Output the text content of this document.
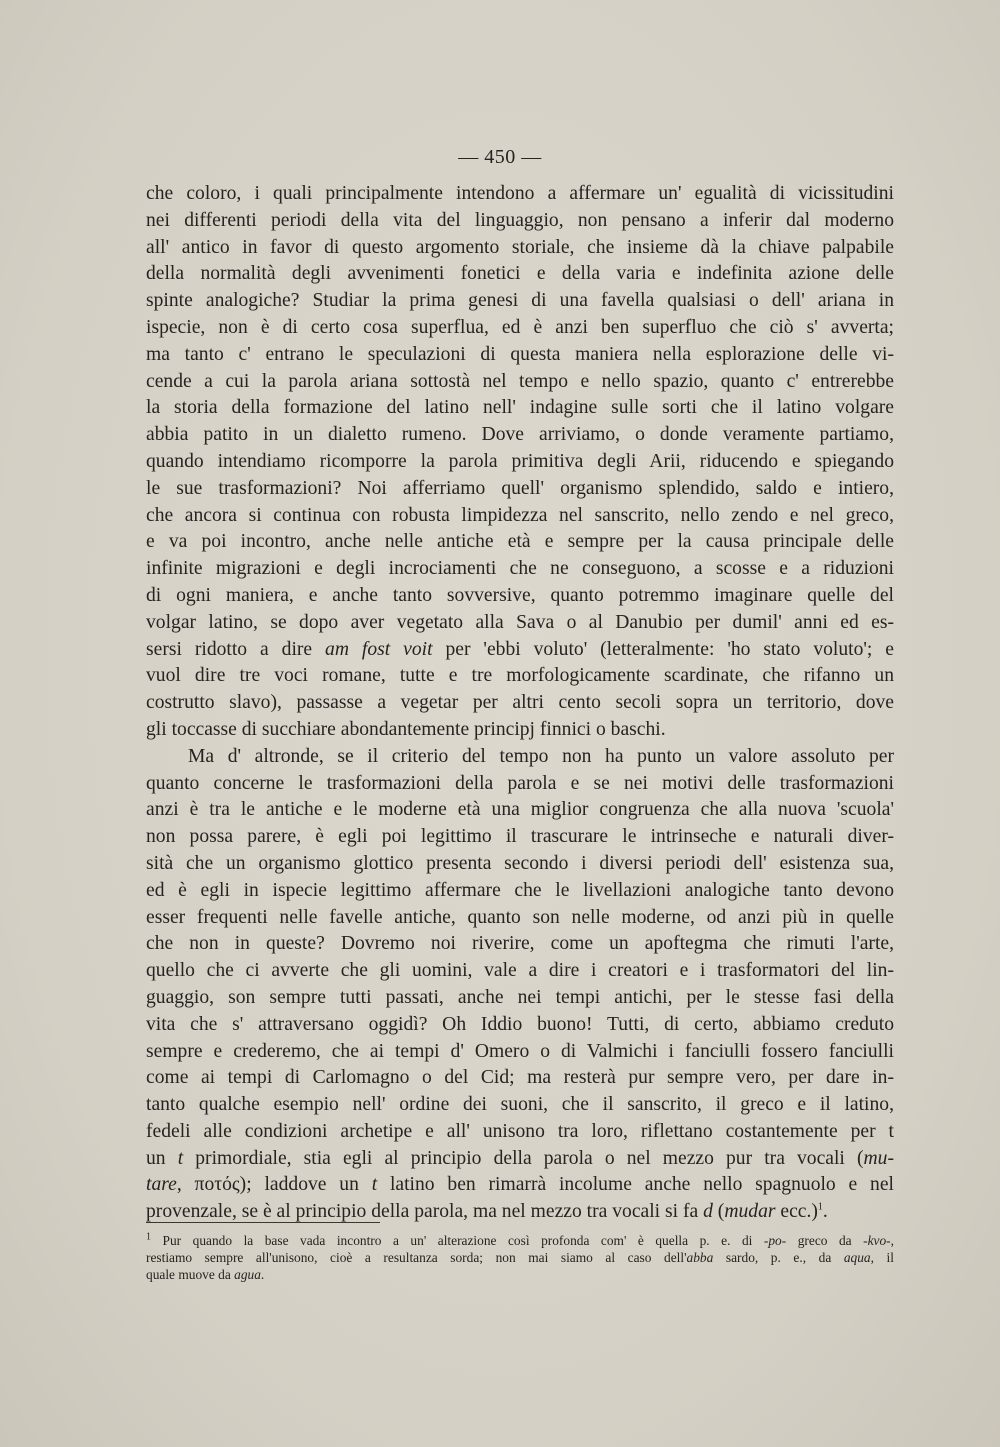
— 450 —

che coloro, i quali principalmente intendono a affermare un' egualità di vicissitudini

nei differenti periodi della vita del linguaggio, non pensano a inferir dal moderno

all' antico in favor di questo argomento storiale, che insieme dà la chiave palpabile

della normalità degli avvenimenti fonetici e della varia e indefinita azione delle

spinte analogiche? Studiar la prima genesi di una favella qualsiasi o dell' ariana in

ispecie, non è di certo cosa superflua, ed è anzi ben superfluo che ciò s' avverta;

ma tanto c' entrano le speculazioni di questa maniera nella esplorazione delle vi-

cende a cui la parola ariana sottostà nel tempo e nello spazio, quanto c' entrerebbe

la storia della formazione del latino nell' indagine sulle sorti che il latino volgare

abbia patito in un dialetto rumeno. Dove arriviamo, o donde veramente partiamo,

quando intendiamo ricomporre la parola primitiva degli Arii, riducendo e spiegando

le sue trasformazioni? Noi afferriamo quell' organismo splendido, saldo e intiero,

che ancora si continua con robusta limpidezza nel sanscrito, nello zendo e nel greco,

e va poi incontro, anche nelle antiche età e sempre per la causa principale delle

infinite migrazioni e degli incrociamenti che ne conseguono, a scosse e a riduzioni

di ogni maniera, e anche tanto sovversive, quanto potremmo imaginare quelle del

volgar latino, se dopo aver vegetato alla Sava o al Danubio per dumil' anni ed es-

sersi ridotto a dire am fost voit per 'ebbi voluto' (letteralmente: 'ho stato voluto'; e

vuol dire tre voci romane, tutte e tre morfologicamente scardinate, che rifanno un

costrutto slavo), passasse a vegetar per altri cento secoli sopra un territorio, dove

gli toccasse di succhiare abondantemente principj finnici o baschi.

Ma d' altronde, se il criterio del tempo non ha punto un valore assoluto per

quanto concerne le trasformazioni della parola e se nei motivi delle trasformazioni

anzi è tra le antiche e le moderne età una miglior congruenza che alla nuova 'scuola'

non possa parere, è egli poi legittimo il trascurare le intrinseche e naturali diver-

sità che un organismo glottico presenta secondo i diversi periodi dell' esistenza sua,

ed è egli in ispecie legittimo affermare che le livellazioni analogiche tanto devono

esser frequenti nelle favelle antiche, quanto son nelle moderne, od anzi più in quelle

che non in queste? Dovremo noi riverire, come un apoftegma che rimuti l'arte,

quello che ci avverte che gli uomini, vale a dire i creatori e i trasformatori del lin-

guaggio, son sempre tutti passati, anche nei tempi antichi, per le stesse fasi della

vita che s' attraversano oggidì? Oh Iddio buono! Tutti, di certo, abbiamo creduto

sempre e crederemo, che ai tempi d' Omero o di Valmichi i fanciulli fossero fanciulli

come ai tempi di Carlomagno o del Cid; ma resterà pur sempre vero, per dare in-

tanto qualche esempio nell' ordine dei suoni, che il sanscrito, il greco e il latino,

fedeli alle condizioni archetipe e all' unisono tra loro, riflettano costantemente per t

un t primordiale, stia egli al principio della parola o nel mezzo pur tra vocali (mu-

tare, πoτός); laddove un t latino ben rimarrà incolume anche nello spagnuolo e nel

provenzale, se è al principio della parola, ma nel mezzo tra vocali si fa d (mudar ecc.)$^1$.

$^1$ Pur quando la base vada incontro a un' alterazione così profonda com' è quella p. e. di -po- greco da -kvo-,

restiamo sempre all'unisono, cioè a resultanza sorda; non mai siamo al caso dell'abba sardo, p. e., da aqua, il

quale muove da agua.
